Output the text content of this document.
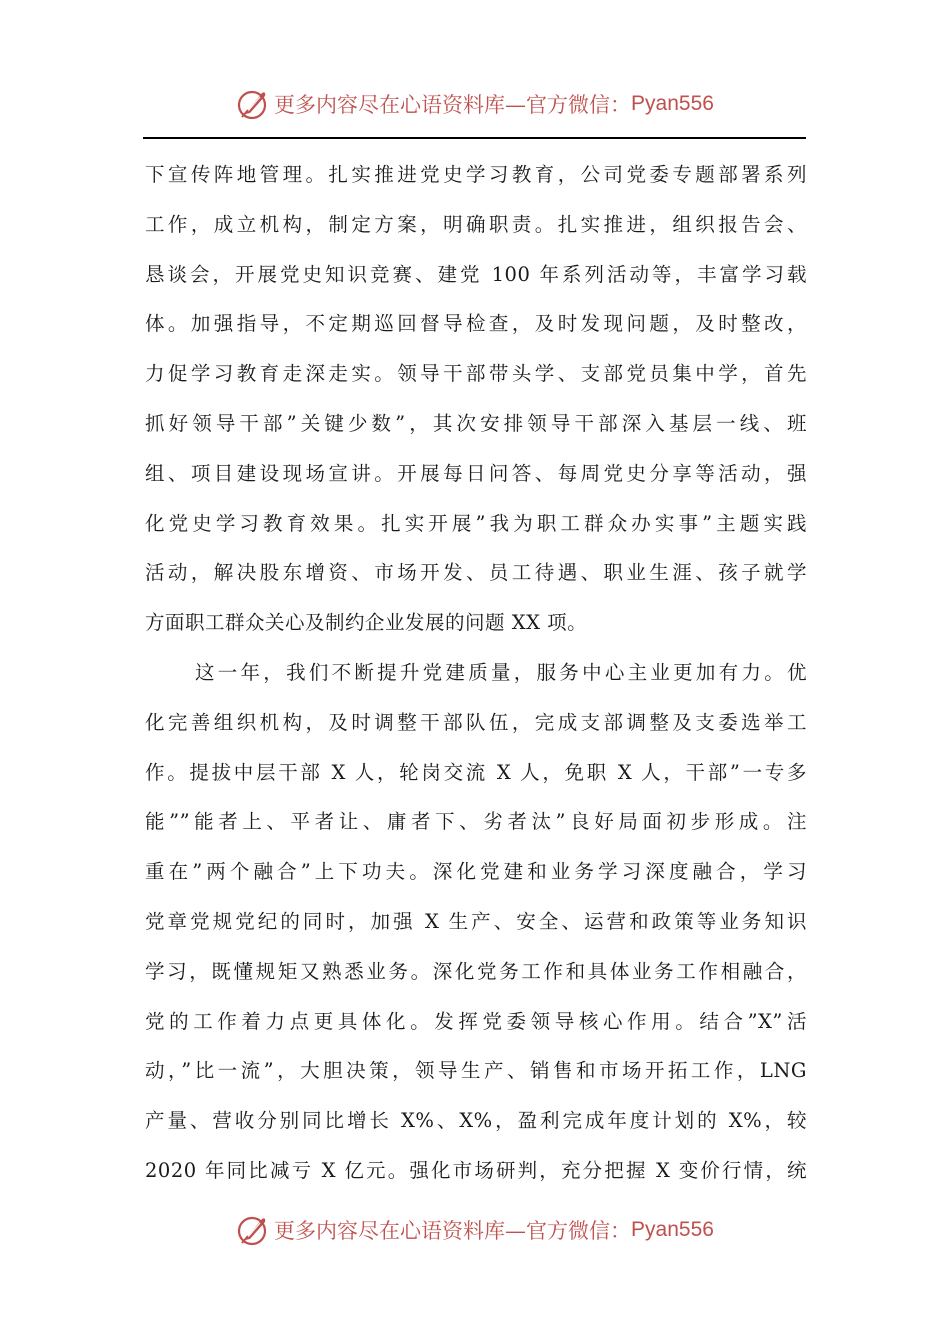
更多内容尽在心语资料库—官方微信： Pyan556
下宣传阵地管理。扎实推进党史学习教育，公司党委专题部署系列
工作，成立机构，制定方案，明确职责。扎实推进，组织报告会、
恳谈会，开展党史知识竞赛、建党 100 年系列活动等，丰富学习载
体。加强指导，不定期巡回督导检查，及时发现问题，及时整改，
力促学习教育走深走实。领导干部带头学、支部党员集中学，首先
抓好领导干部”关键少数”，其次安排领导干部深入基层一线、班
组、项目建设现场宣讲。开展每日问答、每周党史分享等活动，强
化党史学习教育效果。扎实开展”我为职工群众办实事”主题实践
活动，解决股东增资、市场开发、员工待遇、职业生涯、孩子就学
方面职工群众关心及制约企业发展的问题 XX 项。
这一年，我们不断提升党建质量，服务中心主业更加有力。优
化完善组织机构，及时调整干部队伍，完成支部调整及支委选举工
作。提拔中层干部 X 人，轮岗交流 X 人，免职 X 人，干部”一专多
能””能者上、平者让、庸者下、劣者汰”良好局面初步形成。注
重在”两个融合”上下功夫。深化党建和业务学习深度融合，学习
党章党规党纪的同时，加强 X 生产、安全、运营和政策等业务知识
学习，既懂规矩又熟悉业务。深化党务工作和具体业务工作相融合，
党的工作着力点更具体化。发挥党委领导核心作用。结合”X”活
动，”比一流”，大胆决策，领导生产、销售和市场开拓工作，LNG
产量、营收分别同比增长 X%、X%，盈利完成年度计划的 X%，较
2020 年同比减亏 X 亿元。强化市场研判，充分把握 X 变价行情，统
更多内容尽在心语资料库—官方微信： Pyan556
